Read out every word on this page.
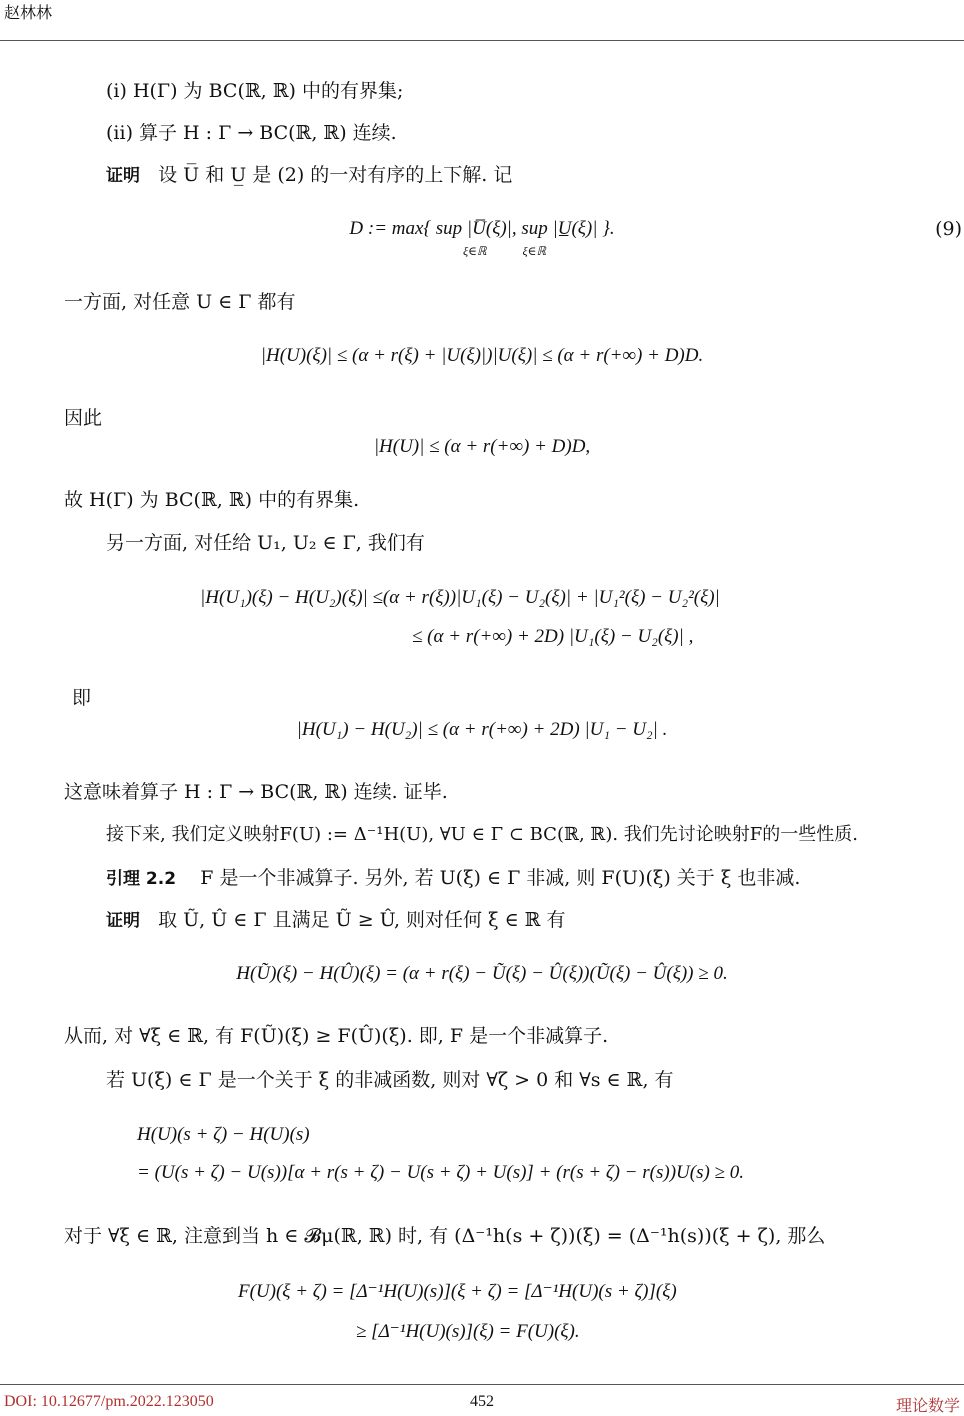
赵林林
(i) H(Γ) 为 BC(ℝ, ℝ) 中的有界集;
(ii) 算子 H : Γ → BC(ℝ, ℝ) 连续.
证明 设 U̅ 和 U̲ 是 (2) 的一对有序的上下解. 记
D := max{ sup |U̅(ξ)|, sup |U̲(ξ)| }.
ξ∈ℝ            ξ∈ℝ
(9)
一方面, 对任意 U ∈ Γ 都有
|H(U)(ξ)| ≤ (α + r(ξ) + |U(ξ)|)|U(ξ)| ≤ (α + r(+∞) + D)D.
因此
|H(U)| ≤ (α + r(+∞) + D)D,
故 H(Γ) 为 BC(ℝ, ℝ) 中的有界集.
另一方面, 对任给 U₁, U₂ ∈ Γ, 我们有
|H(U₁)(ξ) − H(U₂)(ξ)| ≤(α + r(ξ))|U₁(ξ) − U₂(ξ)| + |U₁²(ξ) − U₂²(ξ)|
≤ (α + r(+∞) + 2D) |U₁(ξ) − U₂(ξ)| ,
即
|H(U₁) − H(U₂)| ≤ (α + r(+∞) + 2D) |U₁ − U₂| .
这意味着算子 H : Γ → BC(ℝ, ℝ) 连续. 证毕.
接下来, 我们定义映射F(U) := Δ⁻¹H(U), ∀U ∈ Γ ⊂ BC(ℝ, ℝ). 我们先讨论映射F的一些性质.
引理 2.2 F 是一个非减算子. 另外, 若 U(ξ) ∈ Γ 非减, 则 F(U)(ξ) 关于 ξ 也非减.
证明 取 Ũ, Û ∈ Γ 且满足 Ũ ≥ Û, 则对任何 ξ ∈ ℝ 有
H(Ũ)(ξ) − H(Û)(ξ) = (α + r(ξ) − Ũ(ξ) − Û(ξ))(Ũ(ξ) − Û(ξ)) ≥ 0.
从而, 对 ∀ξ ∈ ℝ, 有 F(Ũ)(ξ) ≥ F(Û)(ξ). 即, F 是一个非减算子.
若 U(ξ) ∈ Γ 是一个关于 ξ 的非减函数, 则对 ∀ζ > 0 和 ∀s ∈ ℝ, 有
H(U)(s + ζ) − H(U)(s)
= (U(s + ζ) − U(s))[α + r(s + ζ) − U(s + ζ) + U(s)] + (r(s + ζ) − r(s))U(s) ≥ 0.
对于 ∀ξ ∈ ℝ, 注意到当 h ∈ 𝓑μ(ℝ, ℝ) 时, 有 (Δ⁻¹h(s + ζ))(ξ) = (Δ⁻¹h(s))(ξ + ζ), 那么
F(U)(ξ + ζ) = [Δ⁻¹H(U)(s)](ξ + ζ) = [Δ⁻¹H(U)(s + ζ)](ξ)
≥ [Δ⁻¹H(U)(s)](ξ) = F(U)(ξ).
DOI: 10.12677/pm.2022.123050	452	理论数学
